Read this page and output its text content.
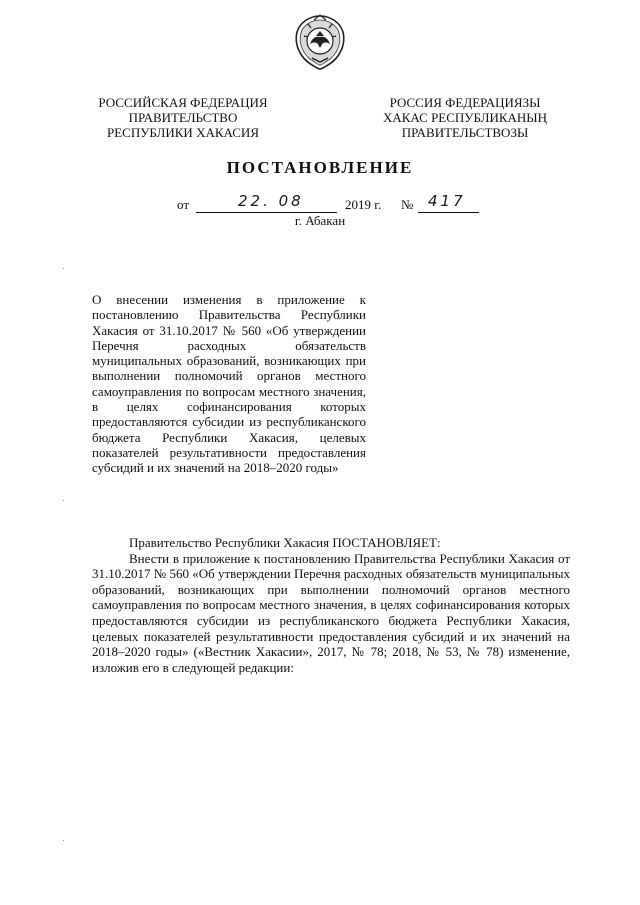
РОССИЙСКАЯ ФЕДЕРАЦИЯ
ПРАВИТЕЛЬСТВО
РЕСПУБЛИКИ ХАКАСИЯ
РОССИЯ ФЕДЕРАЦИЯЗЫ
ХАКАС РЕСПУБЛИКАНЫҢ
ПРАВИТЕЛЬСТВОЗЫ
ПОСТАНОВЛЕНИЕ
от	22. 08	2019 г. № 417
г. Абакан
О внесении изменения в приложение к постановлению Правительства Республики Хакасия от 31.10.2017 № 560 «Об утверждении Перечня расходных обязательств муниципальных образований, возникающих при выполнении полномочий органов местного самоуправления по вопросам местного значения, в целях софинансирования которых предоставляются субсидии из республиканского бюджета Республики Хакасия, целевых показателей результативности предоставления субсидий и их значений на 2018–2020 годы»

Правительство Республики Хакасия ПОСТАНОВЛЯЕТ:

Внести в приложение к постановлению Правительства Республики Хакасия от 31.10.2017 № 560 «Об утверждении Перечня расходных обязательств муниципальных образований, возникающих при выполнении полномочий органов местного самоуправления по вопросам местного значения, в целях софинансирования которых предоставляются субсидии из республиканского бюджета Республики Хакасия, целевых показателей результативности предоставления субсидий и их значений на 2018–2020 годы» («Вестник Хакасии», 2017, № 78; 2018, № 53, № 78) изменение, изложив его в следующей редакции:
